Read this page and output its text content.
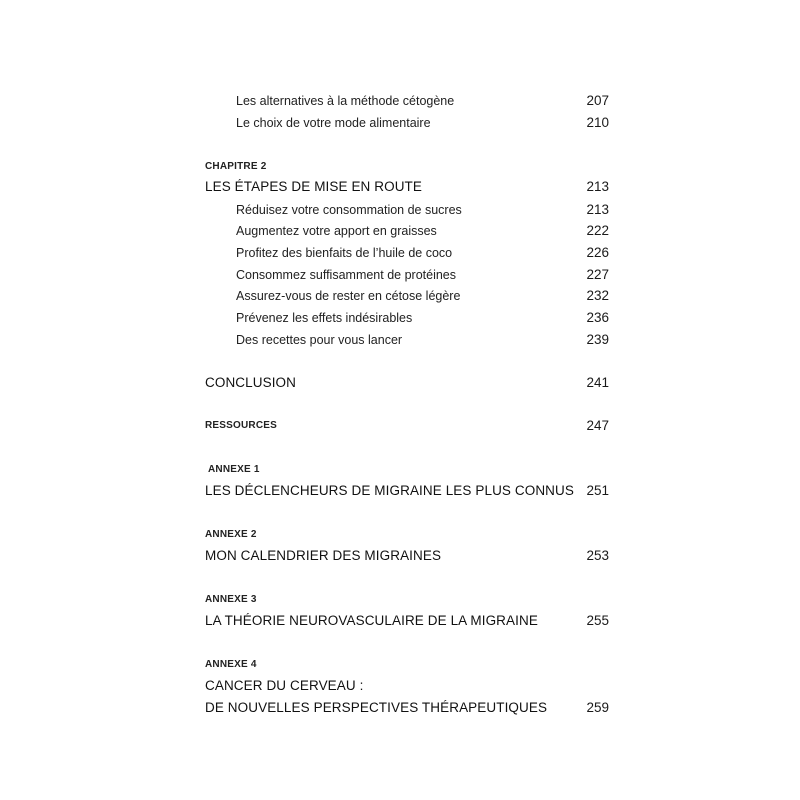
Les alternatives à la méthode cétogène	207
Le choix de votre mode alimentaire	210
CHAPITRE 2
LES ÉTAPES DE MISE EN ROUTE	213
Réduisez votre consommation de sucres	213
Augmentez votre apport en graisses	222
Profitez des bienfaits de l’huile de coco	226
Consommez suffisamment de protéines	227
Assurez-vous de rester en cétose légère	232
Prévenez les effets indésirables	236
Des recettes pour vous lancer	239
CONCLUSION	241
RESSOURCES	247
ANNEXE 1
LES DÉCLENCHEURS DE MIGRAINE LES PLUS CONNUS 251
ANNEXE 2
MON CALENDRIER DES MIGRAINES	253
ANNEXE 3
LA THÉORIE NEUROVASCULAIRE DE LA MIGRAINE	255
ANNEXE 4
CANCER DU CERVEAU :
DE NOUVELLES PERSPECTIVES THÉRAPEUTIQUES	259
